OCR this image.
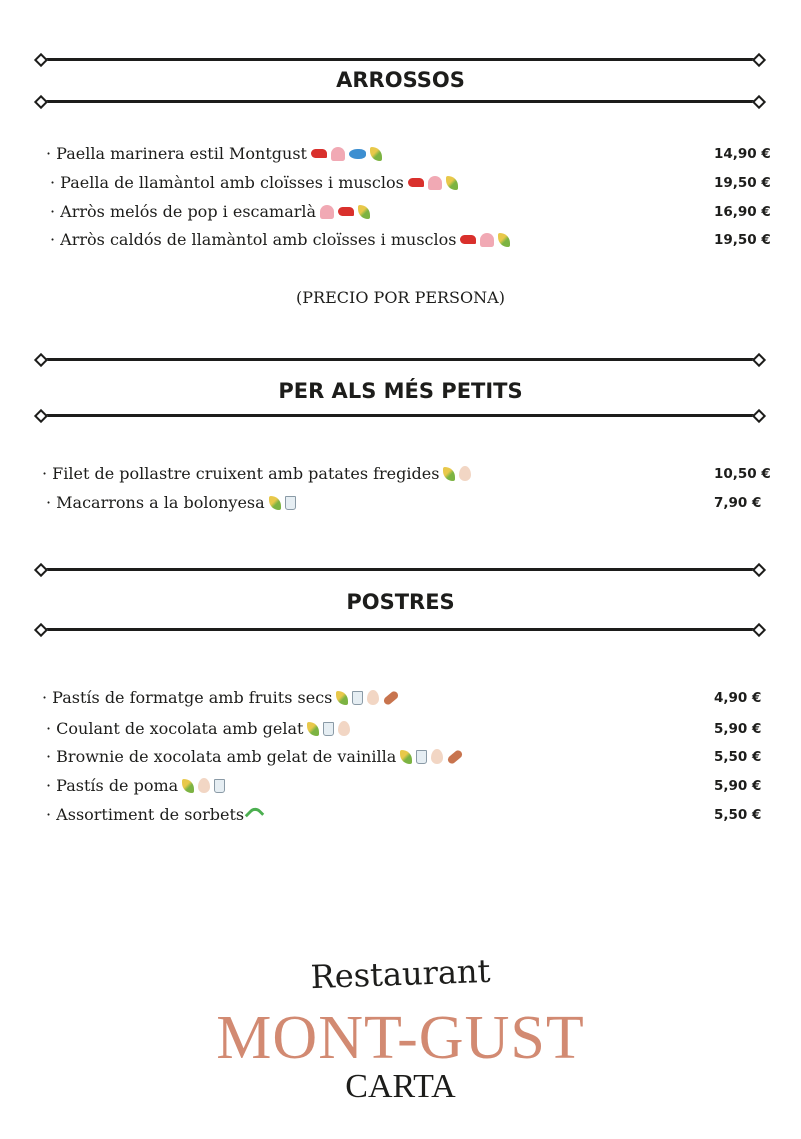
ARROSSOS
· Paella marinera estil Montgust	14,90 €
· Paella de llamàntol amb cloïsses i musclos	19,50 €
· Arròs melós de pop i escamarlà	16,90 €
· Arròs caldós de llamàntol amb cloïsses i musclos	19,50 €
(PRECIO POR PERSONA)
PER ALS MÉS PETITS
· Filet de pollastre cruixent amb patates fregides	10,50 €
· Macarrons a la bolonyesa	7,90 €
POSTRES
· Pastís de formatge amb fruits secs	4,90 €
· Coulant de xocolata amb gelat	5,90 €
· Brownie de xocolata amb gelat de vainilla	5,50 €
· Pastís de poma	5,90 €
· Assortiment de sorbets	5,50 €
Restaurant
MONT-GUST
CARTA
